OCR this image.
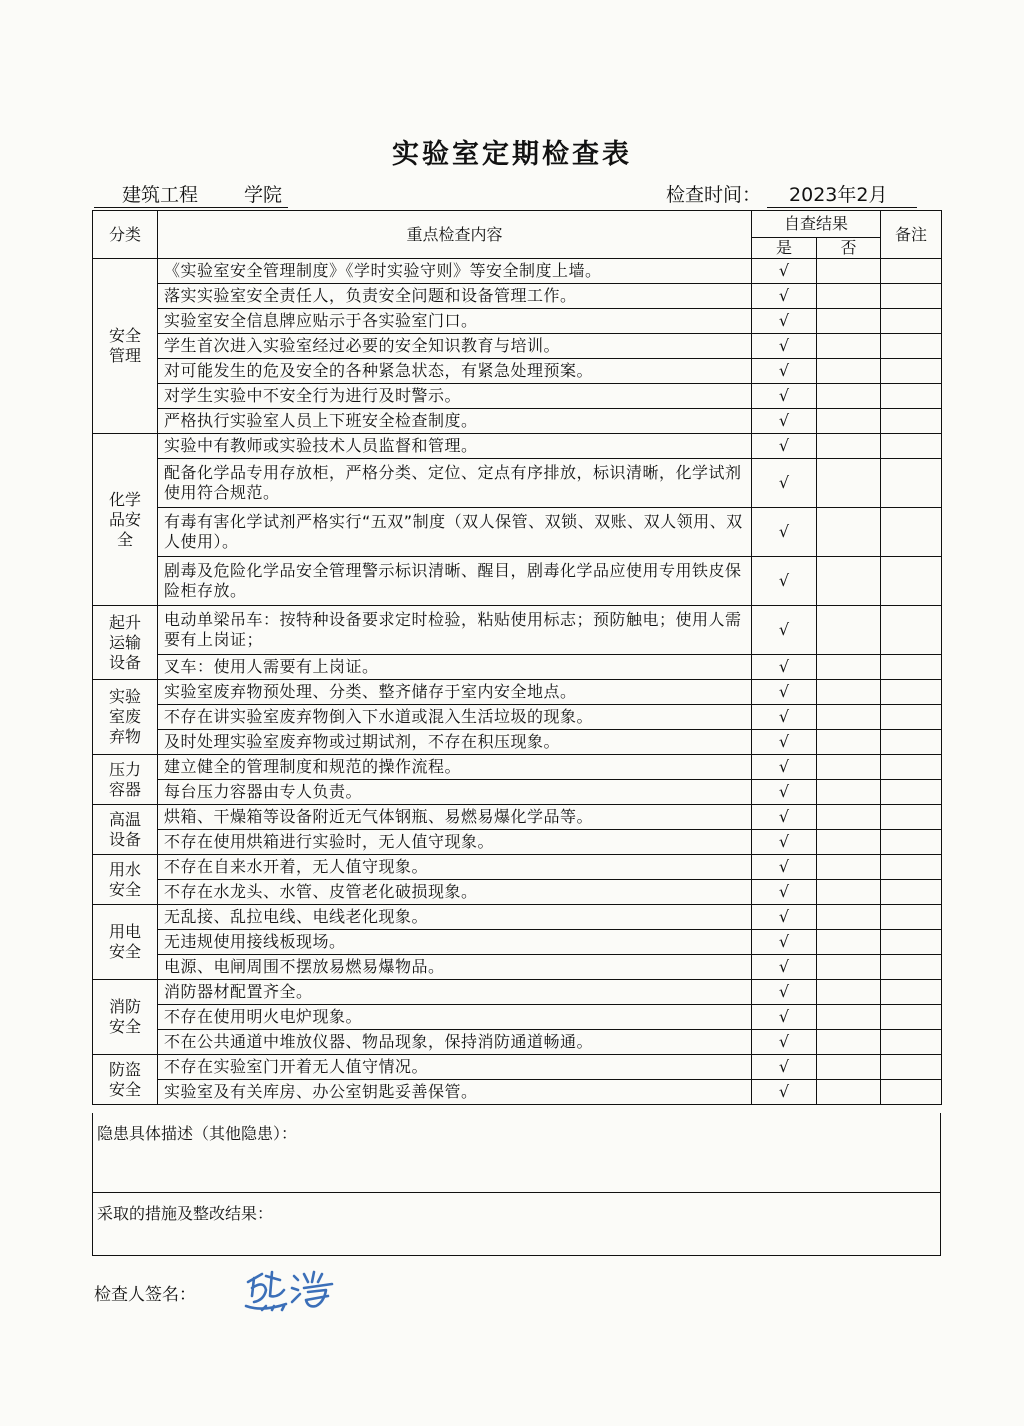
实验室定期检查表
建筑工程 学院	检查时间： 2023年2月
分类	重点检查内容	自查结果		备注
		是	否	
安全
管理	《实验室安全管理制度》《学时实验守则》等安全制度上墙。	√		
	落实实验室安全责任人，负责安全问题和设备管理工作。	√		
	实验室安全信息牌应贴示于各实验室门口。	√		
	学生首次进入实验室经过必要的安全知识教育与培训。	√		
	对可能发生的危及安全的各种紧急状态，有紧急处理预案。	√		
	对学生实验中不安全行为进行及时警示。	√		
	严格执行实验室人员上下班安全检查制度。	√		
化学
品安
全	实验中有教师或实验技术人员监督和管理。	√		
	配备化学品专用存放柜，严格分类、定位、定点有序排放，标识清晰，化学试剂使用符合规范。	√		
	有毒有害化学试剂严格实行“五双”制度（双人保管、双锁、双账、双人领用、双人使用）。	√		
	剧毒及危险化学品安全管理警示标识清晰、醒目，剧毒化学品应使用专用铁皮保险柜存放。	√		
起升
运输
设备	电动单梁吊车：按特种设备要求定时检验，粘贴使用标志；预防触电；使用人需要有上岗证；	√		
	叉车：使用人需要有上岗证。	√		
实验
室废
弃物	实验室废弃物预处理、分类、整齐储存于室内安全地点。	√		
	不存在讲实验室废弃物倒入下水道或混入生活垃圾的现象。	√		
	及时处理实验室废弃物或过期试剂，不存在积压现象。	√		
压力
容器	建立健全的管理制度和规范的操作流程。	√		
	每台压力容器由专人负责。	√		
高温
设备	烘箱、干燥箱等设备附近无气体钢瓶、易燃易爆化学品等。	√		
	不存在使用烘箱进行实验时，无人值守现象。	√		
用水
安全	不存在自来水开着，无人值守现象。	√		
	不存在水龙头、水管、皮管老化破损现象。	√		
用电
安全	无乱接、乱拉电线、电线老化现象。	√		
	无违规使用接线板现场。	√		
	电源、电闸周围不摆放易燃易爆物品。	√		
消防
安全	消防器材配置齐全。	√		
	不存在使用明火电炉现象。	√		
	不在公共通道中堆放仪器、物品现象，保持消防通道畅通。	√		
防盗
安全	不存在实验室门开着无人值守情况。	√		
	实验室及有关库房、办公室钥匙妥善保管。	√		
隐患具体描述（其他隐患）：
采取的措施及整改结果：
检查人签名：
